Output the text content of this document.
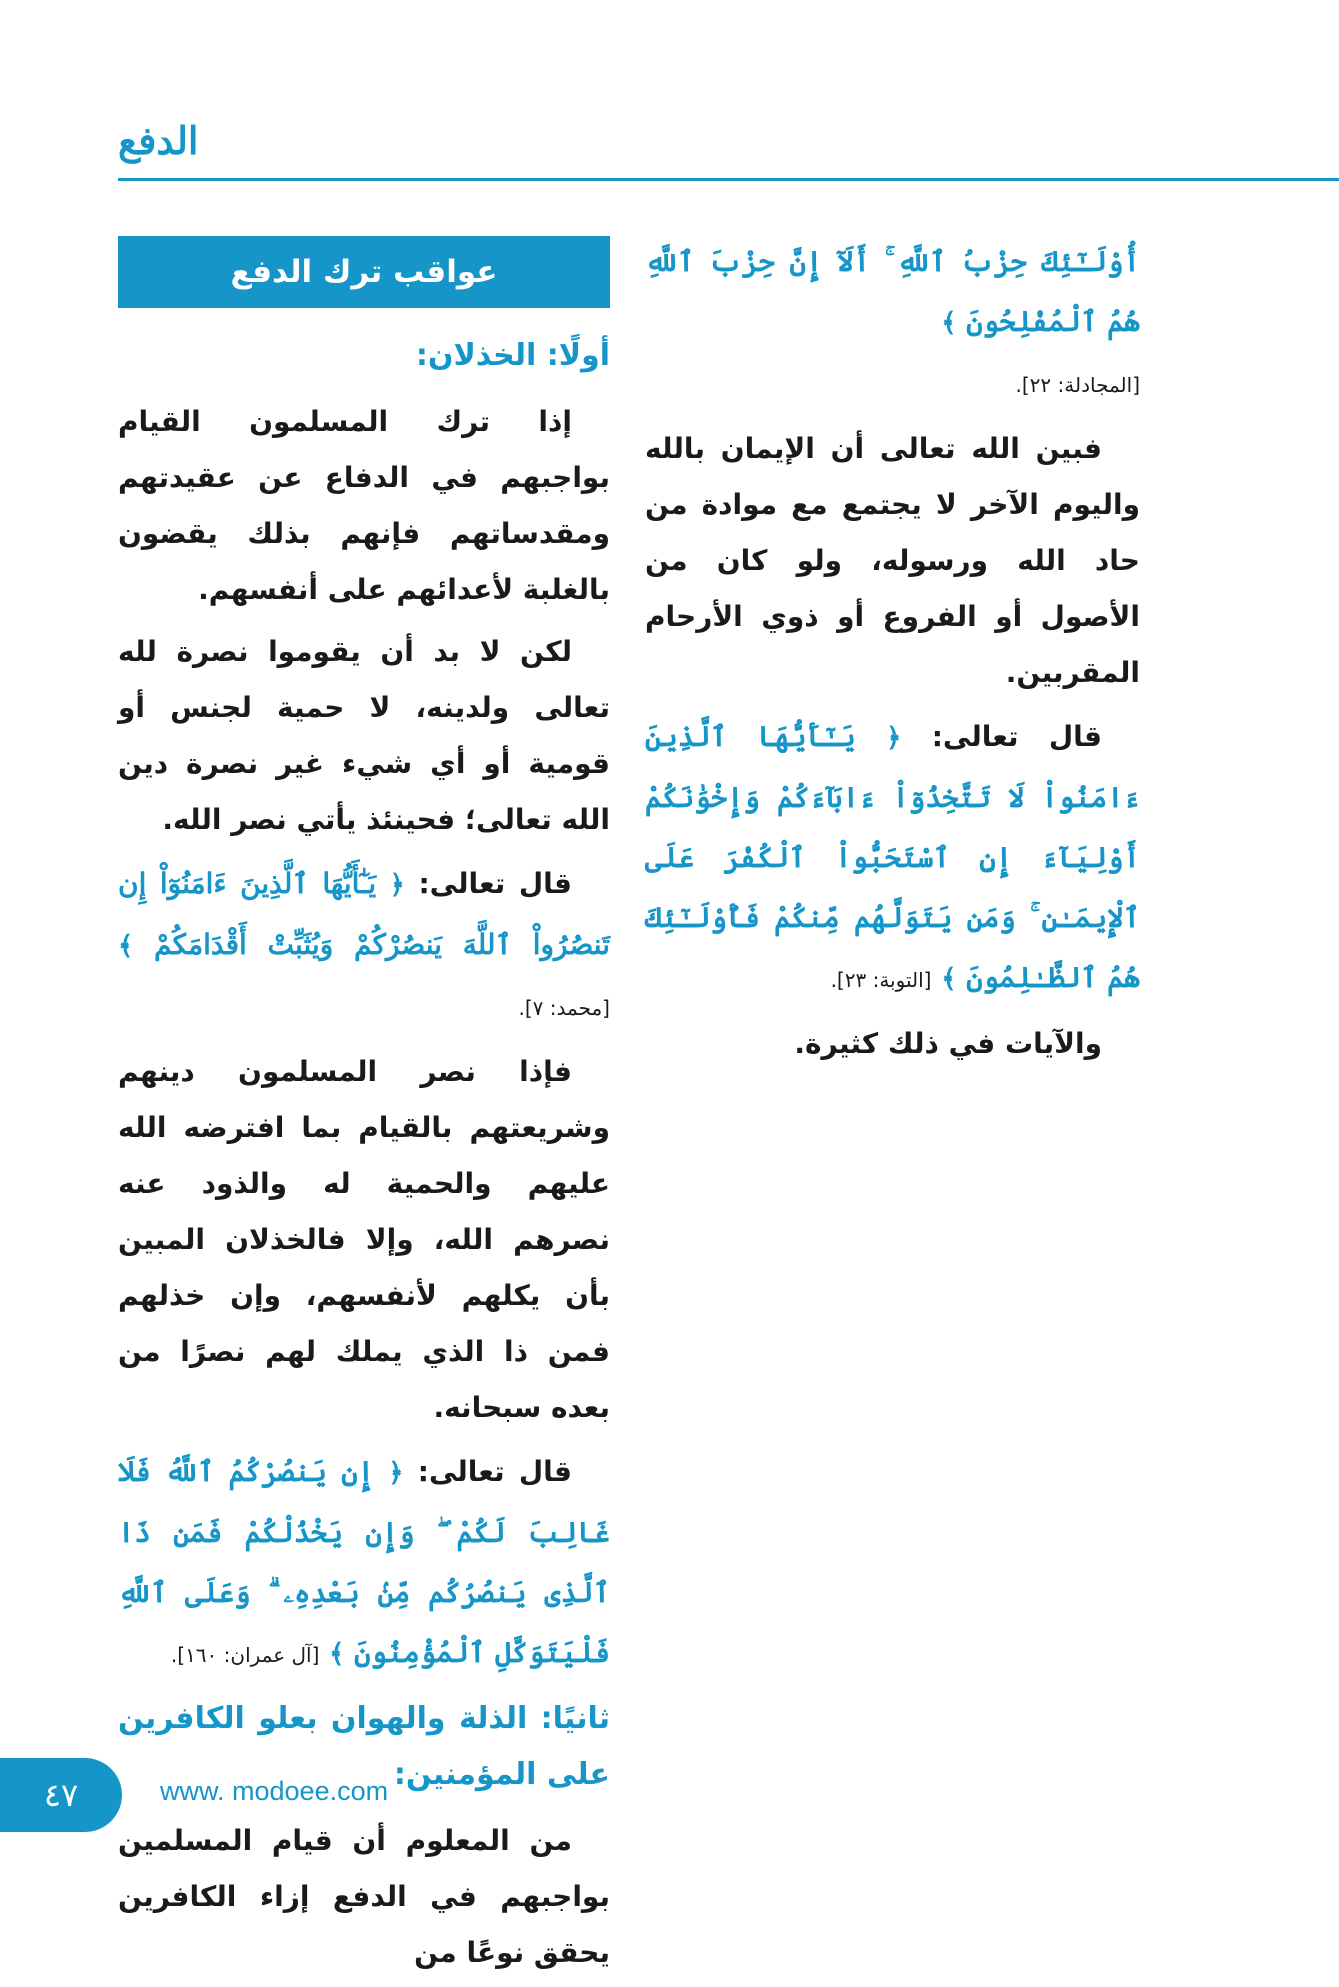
الدفع
عواقب ترك الدفع
أولًا: الخذلان:

إذا ترك المسلمون القيام بواجبهم في الدفاع عن عقيدتهم ومقدساتهم فإنهم بذلك يقضون بالغلبة لأعدائهم على أنفسهم.

لكن لا بد أن يقوموا نصرة لله تعالى ولدينه، لا حمية لجنس أو قومية أو أي شيء غير نصرة دين الله تعالى؛ فحينئذ يأتي نصر الله.

قال تعالى: ﴿ يَـٰٓأَيُّهَا ٱلَّذِينَ ءَامَنُوٓاْ إِن تَنصُرُواْ ٱللَّهَ يَنصُرْكُمْ وَيُثَبِّتْ أَقْدَامَكُمْ ﴾ [محمد: ٧].

فإذا نصر المسلمون دينهم وشريعتهم بالقيام بما افترضه الله عليهم والحمية له والذود عنه نصرهم الله، وإلا فالخذلان المبين بأن يكلهم لأنفسهم، وإن خذلهم فمن ذا الذي يملك لهم نصرًا من بعده سبحانه.

قال تعالى: ﴿ إِن يَنصُرْكُمُ ٱللَّهُ فَلَا غَالِبَ لَكُمْ ۖ وَإِن يَخْذُلْكُمْ فَمَن ذَا ٱلَّذِى يَنصُرُكُم مِّنۢ بَعْدِهِۦ ۗ وَعَلَى ٱللَّهِ فَلْيَتَوَكَّلِ ٱلْمُؤْمِنُونَ ﴾ [آل عمران: ١٦٠].

ثانيًا: الذلة والهوان بعلو الكافرين على المؤمنين:

من المعلوم أن قيام المسلمين بواجبهم في الدفع إزاء الكافرين يحقق نوعًا من

أُوْلَـٰٓئِكَ حِزْبُ ٱللَّهِ ۚ أَلَآ إِنَّ حِزْبَ ٱللَّهِ هُمُ ٱلْمُفْلِحُونَ ﴾
[المجادلة: ٢٢].

فبين الله تعالى أن الإيمان بالله واليوم الآخر لا يجتمع مع موادة من حاد الله ورسوله، ولو كان من الأصول أو الفروع أو ذوي الأرحام المقربين.

قال تعالى: ﴿ يَـٰٓأَيُّهَا ٱلَّذِينَ ءَامَنُواْ لَا تَتَّخِذُوٓاْ ءَابَآءَكُمْ وَإِخْوَٰنَكُمْ أَوْلِيَآءَ إِنِ ٱسْتَحَبُّواْ ٱلْكُفْرَ عَلَى ٱلْإِيمَـٰنِ ۚ وَمَن يَتَوَلَّهُم مِّنكُمْ فَأُوْلَـٰٓئِكَ هُمُ ٱلظَّـٰلِمُونَ ﴾ [التوبة: ٢٣].

والآيات في ذلك كثيرة.

٤٧	www. modoee.com
